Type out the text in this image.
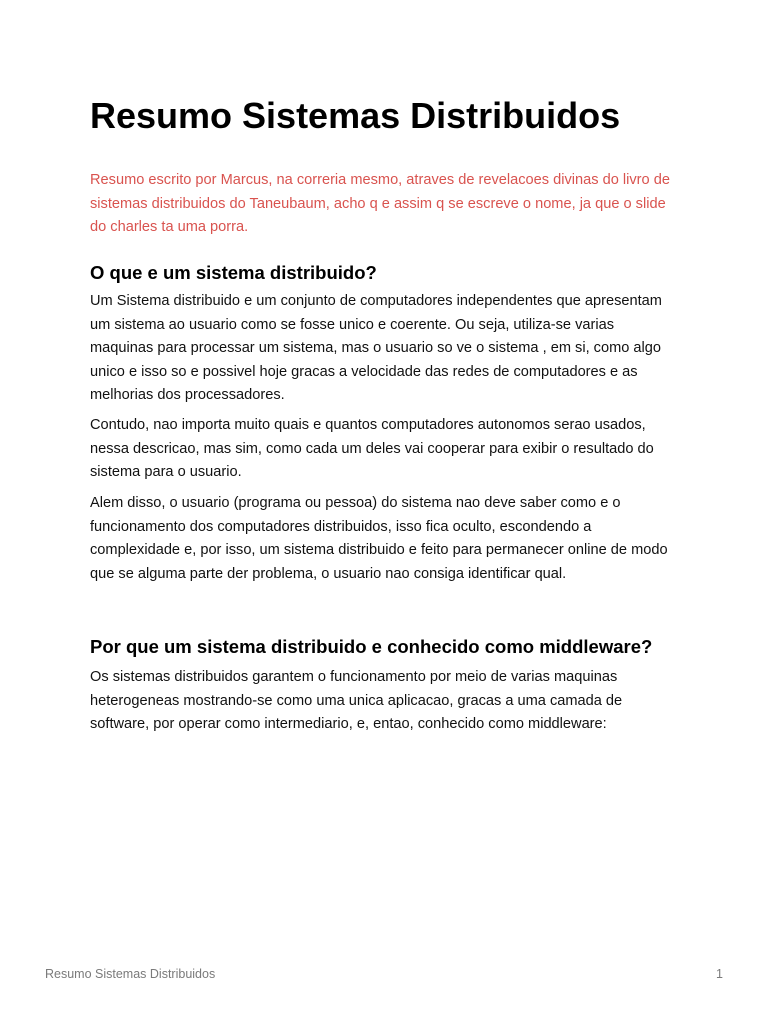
Resumo Sistemas Distribuidos

Resumo escrito por Marcus, na correria mesmo, atraves de revelacoes divinas do livro de sistemas distribuidos do Taneubaum, acho q e assim q se escreve o nome, ja que o slide do charles ta uma porra.

O que e um sistema distribuido?

Um Sistema distribuido e um conjunto de computadores independentes que apresentam um sistema ao usuario como se fosse unico e coerente. Ou seja, utiliza-se varias maquinas para processar um sistema, mas o usuario so ve o sistema , em si, como algo unico e isso so e possivel hoje gracas a velocidade das redes de computadores e as melhorias dos processadores.

Contudo, nao importa muito quais e quantos computadores autonomos serao usados, nessa descricao, mas sim, como cada um deles vai cooperar para exibir o resultado do sistema para o usuario.

Alem disso, o usuario (programa ou pessoa) do sistema nao deve saber como e o funcionamento dos computadores distribuidos, isso fica oculto, escondendo a complexidade e, por isso, um sistema distribuido e feito para permanecer online de modo que se alguma parte der problema, o usuario nao consiga identificar qual.

Por que um sistema distribuido e conhecido como middleware?

Os sistemas distribuidos garantem o funcionamento por meio de varias maquinas heterogeneas mostrando-se como uma unica aplicacao, gracas a uma camada de software, por operar como intermediario, e, entao, conhecido como middleware:

Resumo Sistemas Distribuidos	1
